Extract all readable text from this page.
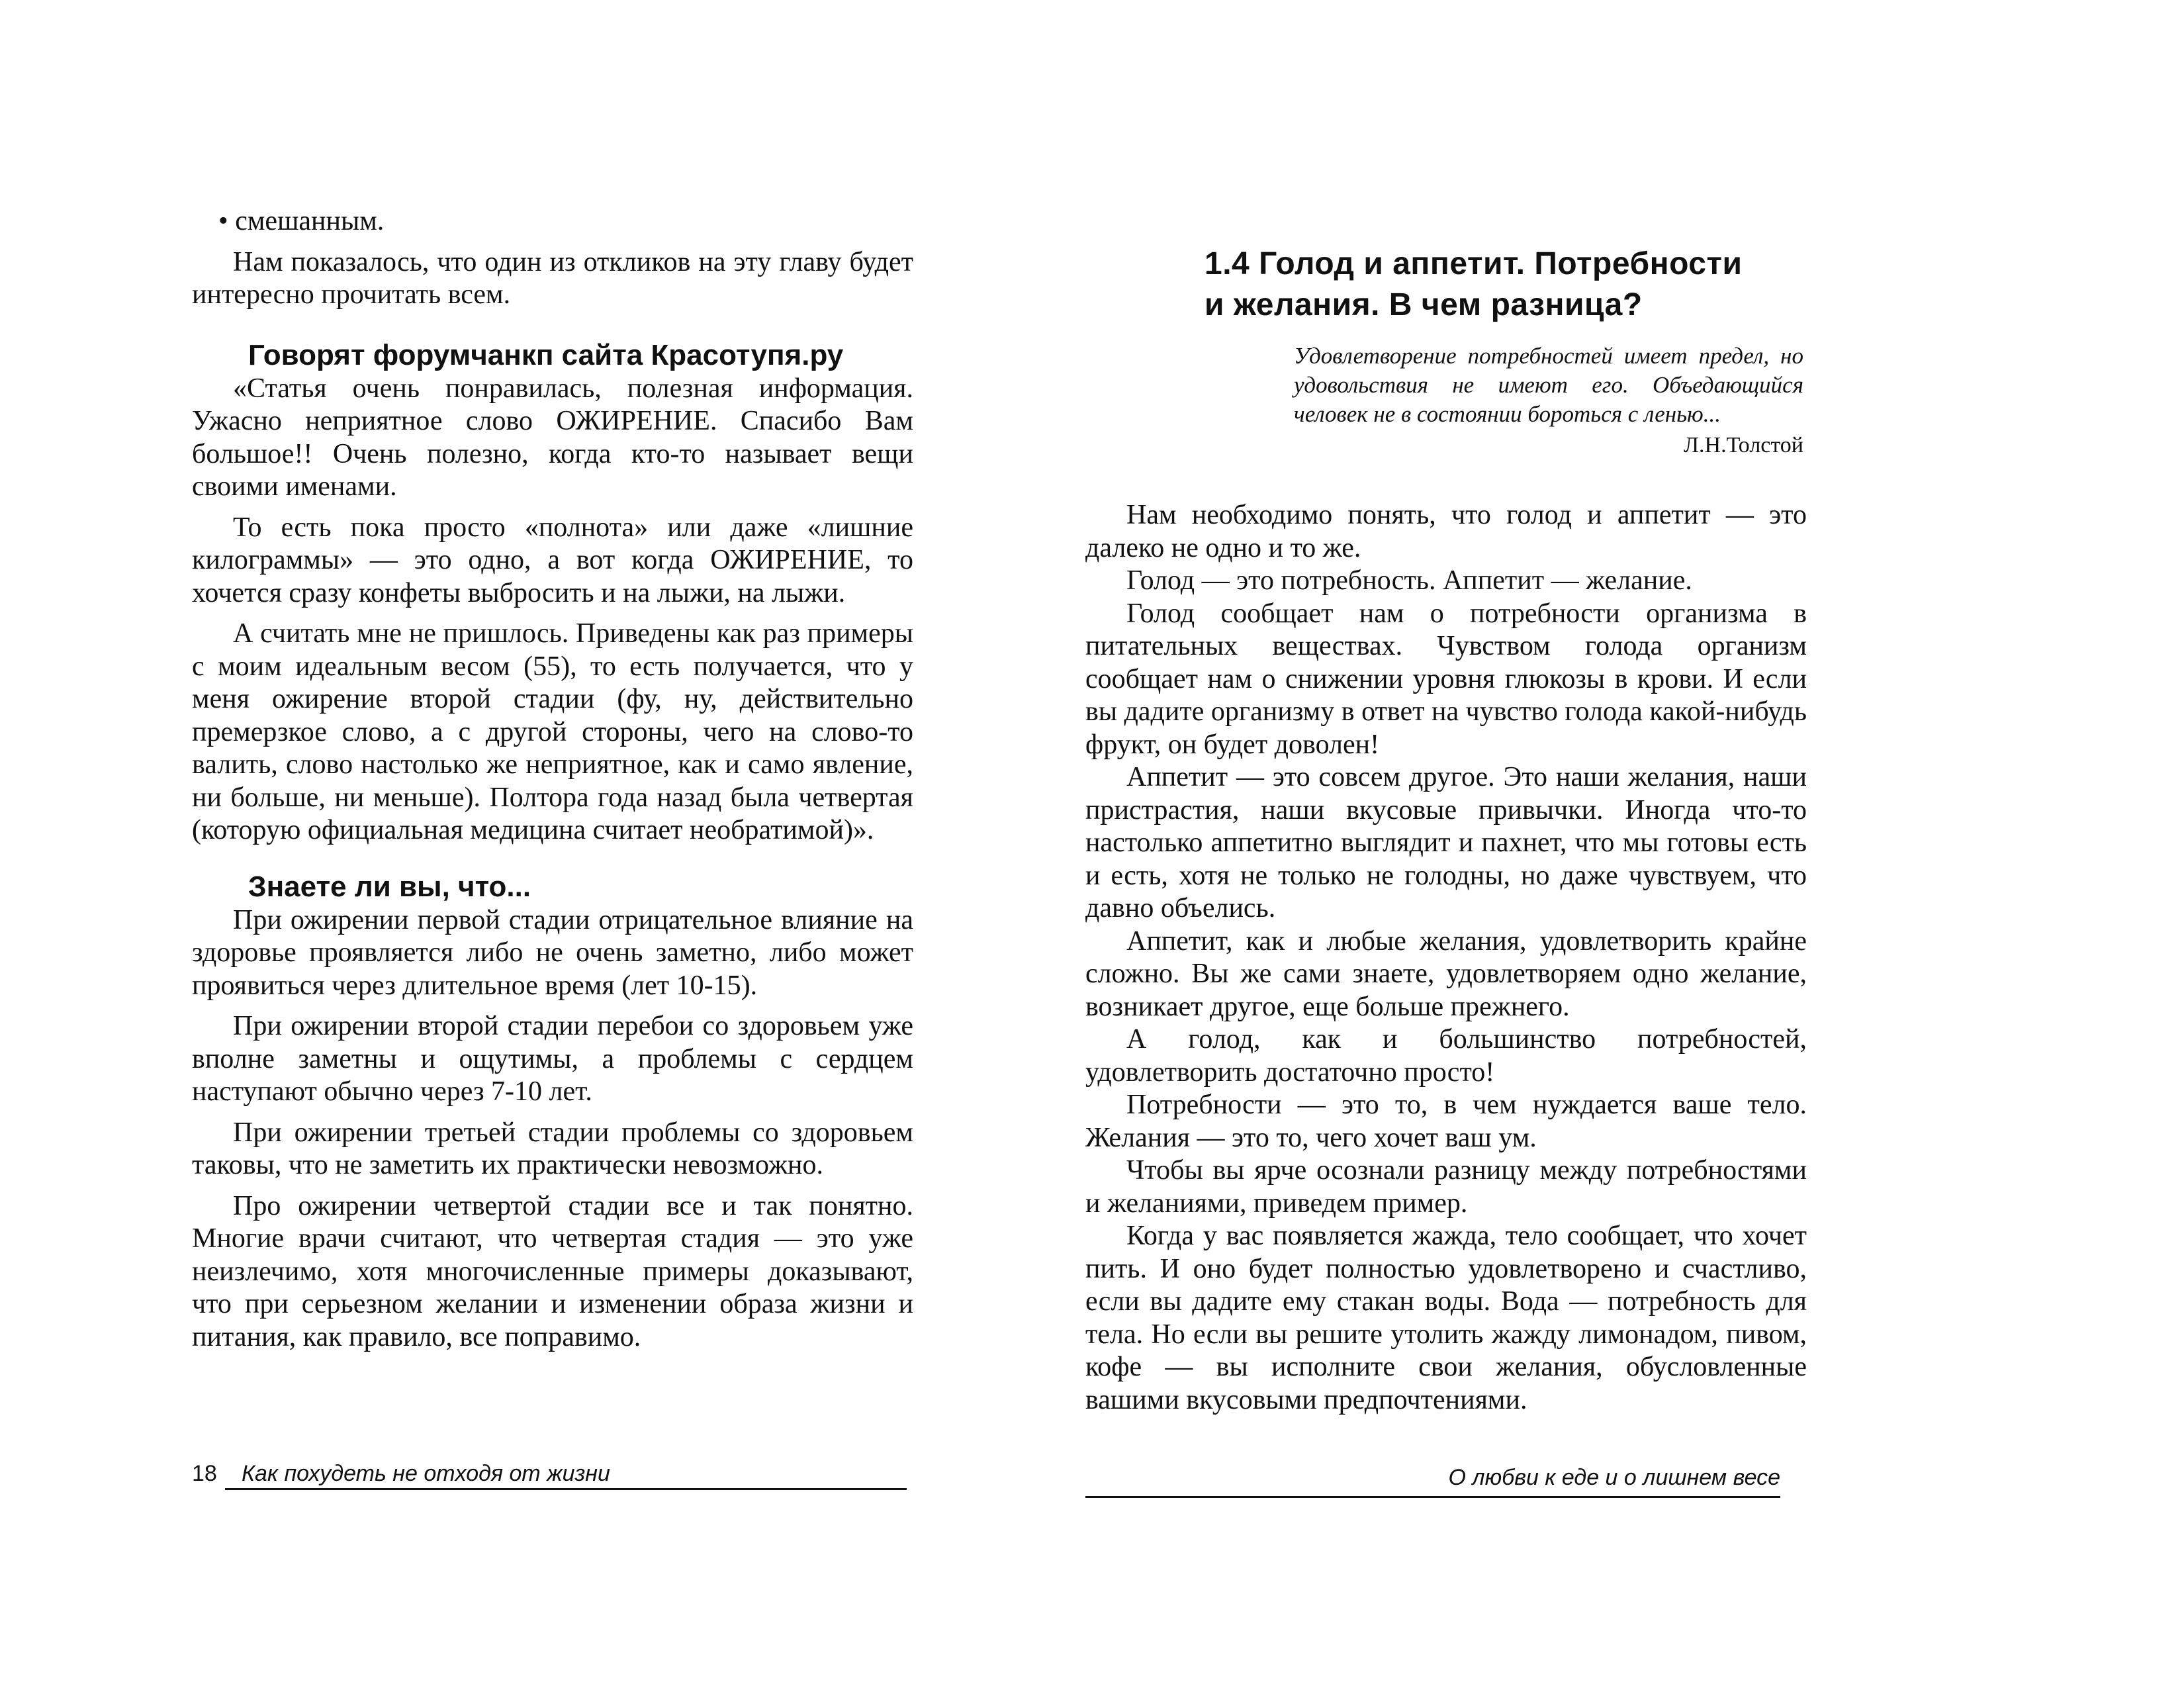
• смешанным.

Нам показалось, что один из откликов на эту главу будет интересно прочитать всем.

Говорят форумчанкп сайта Красотупя.ру

«Статья очень понравилась, полезная информация. Ужасно неприятное слово ОЖИРЕНИЕ. Спасибо Вам большое!! Очень полезно, когда кто-то называет вещи своими именами.

То есть пока просто «полнота» или даже «лишние килограммы» — это одно, а вот когда ОЖИРЕНИЕ, то хочется сразу конфеты выбросить и на лыжи, на лыжи.

А считать мне не пришлось. Приведены как раз примеры с моим идеальным весом (55), то есть получается, что у меня ожирение второй стадии (фу, ну, действительно премерзкое слово, а с другой стороны, чего на слово-то валить, слово настолько же неприятное, как и само явление, ни больше, ни меньше). Полтора года назад была четвертая (которую официальная медицина считает необратимой)».

Знаете ли вы, что...

При ожирении первой стадии отрицательное влияние на здоровье проявляется либо не очень заметно, либо может проявиться через длительное время (лет 10-15).

При ожирении второй стадии перебои со здоровьем уже вполне заметны и ощутимы, а проблемы с сердцем наступают обычно через 7-10 лет.

При ожирении третьей стадии проблемы со здоровьем таковы, что не заметить их практически невозможно.

Про ожирении четвертой стадии все и так понятно. Многие врачи считают, что четвертая стадия — это уже неизлечимо, хотя многочисленные примеры доказывают, что при серьезном желании и изменении образа жизни и питания, как правило, все поправимо.

18	Как похудеть не отходя от жизни
1.4 Голод и аппетит. Потребности
и желания. В чем разница?
Удовлетворение потребностей имеет предел, но удовольствия не имеют его. Объедающийся человек не в состоянии бороться с ленью...
Л.Н.Толстой

Нам необходимо понять, что голод и аппетит — это далеко не одно и то же.

Голод — это потребность. Аппетит — желание.

Голод сообщает нам о потребности организма в питательных веществах. Чувством голода организм сообщает нам о снижении уровня глюкозы в крови. И если вы дадите организму в ответ на чувство голода какой-нибудь фрукт, он будет доволен!

Аппетит — это совсем другое. Это наши желания, наши пристрастия, наши вкусовые привычки. Иногда что-то настолько аппетитно выглядит и пахнет, что мы готовы есть и есть, хотя не только не голодны, но даже чувствуем, что давно объелись.

Аппетит, как и любые желания, удовлетворить крайне сложно. Вы же сами знаете, удовлетворяем одно желание, возникает другое, еще больше прежнего.

А голод, как и большинство потребностей, удовлетворить достаточно просто!

Потребности — это то, в чем нуждается ваше тело. Желания — это то, чего хочет ваш ум.

Чтобы вы ярче осознали разницу между потребностями и желаниями, приведем пример.

Когда у вас появляется жажда, тело сообщает, что хочет пить. И оно будет полностью удовлетворено и счастливо, если вы дадите ему стакан воды. Вода — потребность для тела. Но если вы решите утолить жажду лимонадом, пивом, кофе — вы исполните свои желания, обусловленные вашими вкусовыми предпочтениями.

О любви к еде и о лишнем весе
